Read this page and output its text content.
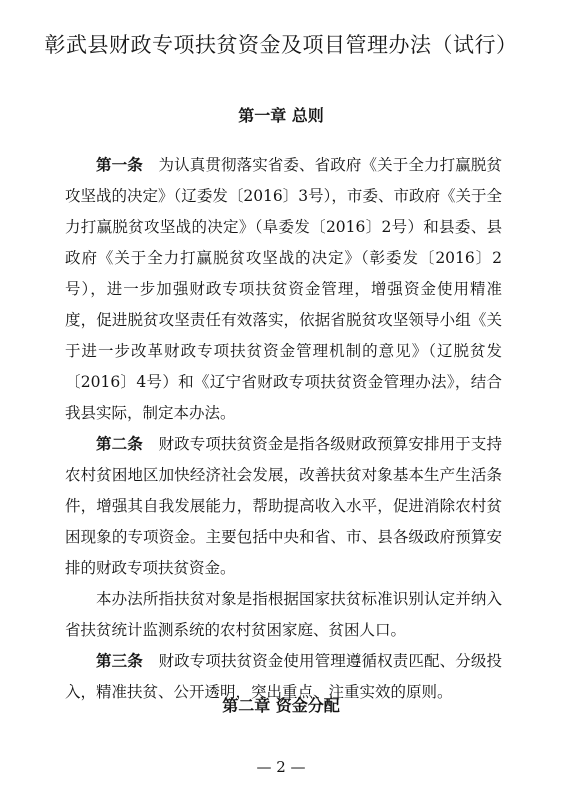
彰武县财政专项扶贫资金及项目管理办法（试行）
第一章 总则

第一条  为认真贯彻落实省委、省政府《关于全力打赢脱贫攻坚战的决定》（辽委发〔2016〕3号），市委、市政府《关于全力打赢脱贫攻坚战的决定》（阜委发〔2016〕2号）和县委、县政府《关于全力打赢脱贫攻坚战的决定》（彰委发〔2016〕2号），进一步加强财政专项扶贫资金管理，增强资金使用精准度，促进脱贫攻坚责任有效落实，依据省脱贫攻坚领导小组《关于进一步改革财政专项扶贫资金管理机制的意见》（辽脱贫发〔2016〕4号）和《辽宁省财政专项扶贫资金管理办法》，结合我县实际，制定本办法。

第二条  财政专项扶贫资金是指各级财政预算安排用于支持农村贫困地区加快经济社会发展，改善扶贫对象基本生产生活条件，增强其自我发展能力，帮助提高收入水平，促进消除农村贫困现象的专项资金。主要包括中央和省、市、县各级政府预算安排的财政专项扶贫资金。

本办法所指扶贫对象是指根据国家扶贫标准识别认定并纳入省扶贫统计监测系统的农村贫困家庭、贫困人口。

第三条  财政专项扶贫资金使用管理遵循权责匹配、分级投入，精准扶贫、公开透明，突出重点、注重实效的原则。

第二章 资金分配
— 2 —
